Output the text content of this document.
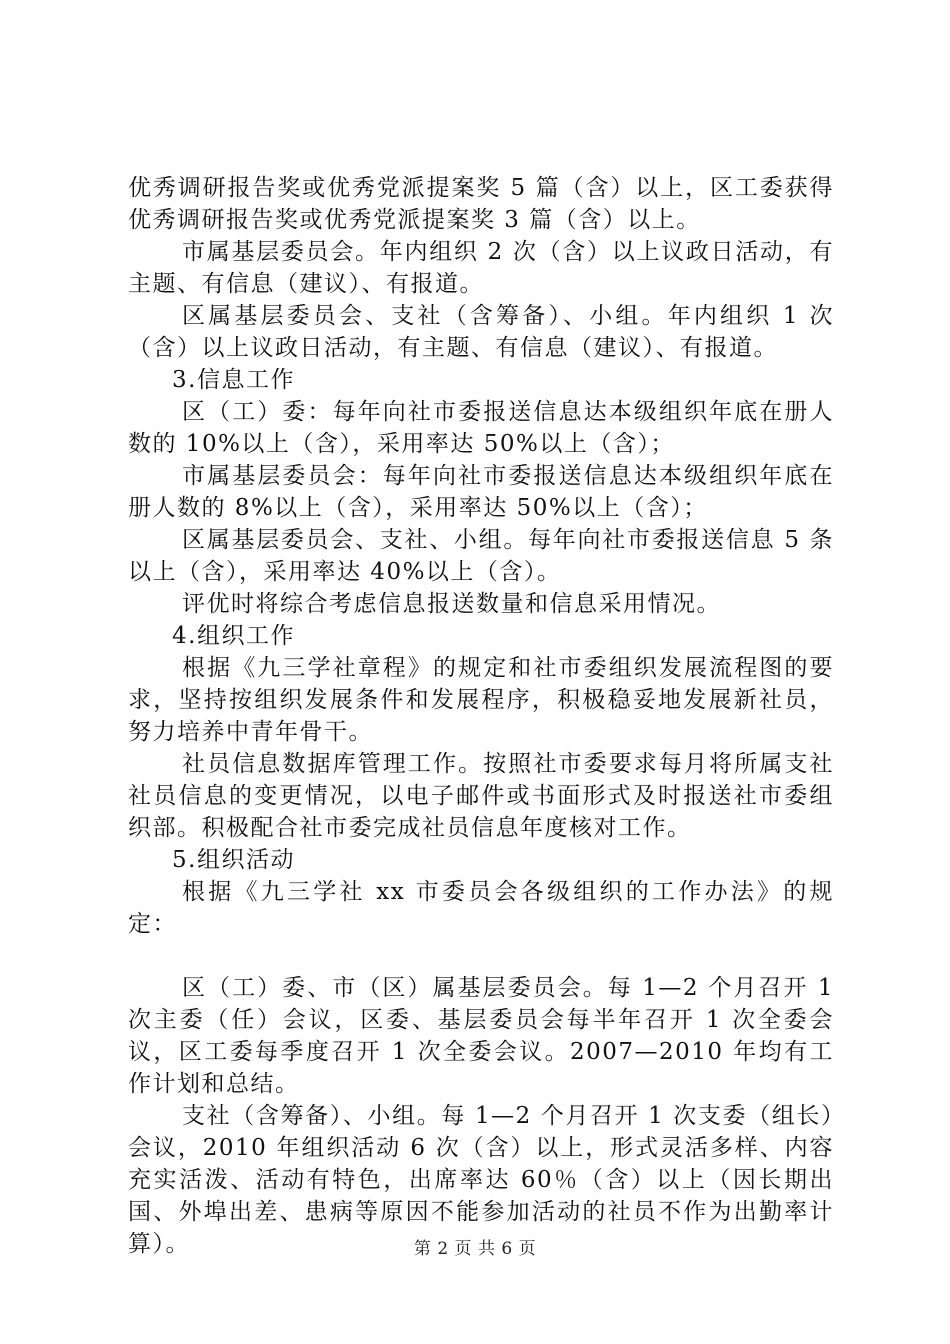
优秀调研报告奖或优秀党派提案奖 5 篇（含）以上，区工委获得优秀调研报告奖或优秀党派提案奖 3 篇（含）以上。

市属基层委员会。年内组织 2 次（含）以上议政日活动，有主题、有信息（建议）、有报道。

区属基层委员会、支社（含筹备）、小组。年内组织 1 次（含）以上议政日活动，有主题、有信息（建议）、有报道。

3.信息工作

区（工）委：每年向社市委报送信息达本级组织年底在册人数的 10%以上（含），采用率达 50%以上（含）；

市属基层委员会：每年向社市委报送信息达本级组织年底在册人数的 8%以上（含），采用率达 50%以上（含）；

区属基层委员会、支社、小组。每年向社市委报送信息 5 条以上（含），采用率达 40%以上（含）。

评优时将综合考虑信息报送数量和信息采用情况。

4.组织工作

根据《九三学社章程》的规定和社市委组织发展流程图的要求，坚持按组织发展条件和发展程序，积极稳妥地发展新社员，努力培养中青年骨干。

社员信息数据库管理工作。按照社市委要求每月将所属支社社员信息的变更情况，以电子邮件或书面形式及时报送社市委组织部。积极配合社市委完成社员信息年度核对工作。

5.组织活动

根据《九三学社 xx 市委员会各级组织的工作办法》的规定：

区（工）委、市（区）属基层委员会。每 1—2 个月召开 1 次主委（任）会议，区委、基层委员会每半年召开 1 次全委会议，区工委每季度召开 1 次全委会议。2007—2010 年均有工作计划和总结。

支社（含筹备）、小组。每 1—2 个月召开 1 次支委（组长）会议，2010 年组织活动 6 次（含）以上，形式灵活多样、内容充实活泼、活动有特色，出席率达 60％（含）以上（因长期出国、外埠出差、患病等原因不能参加活动的社员不作为出勤率计算）。	第 2 页 共 6 页
